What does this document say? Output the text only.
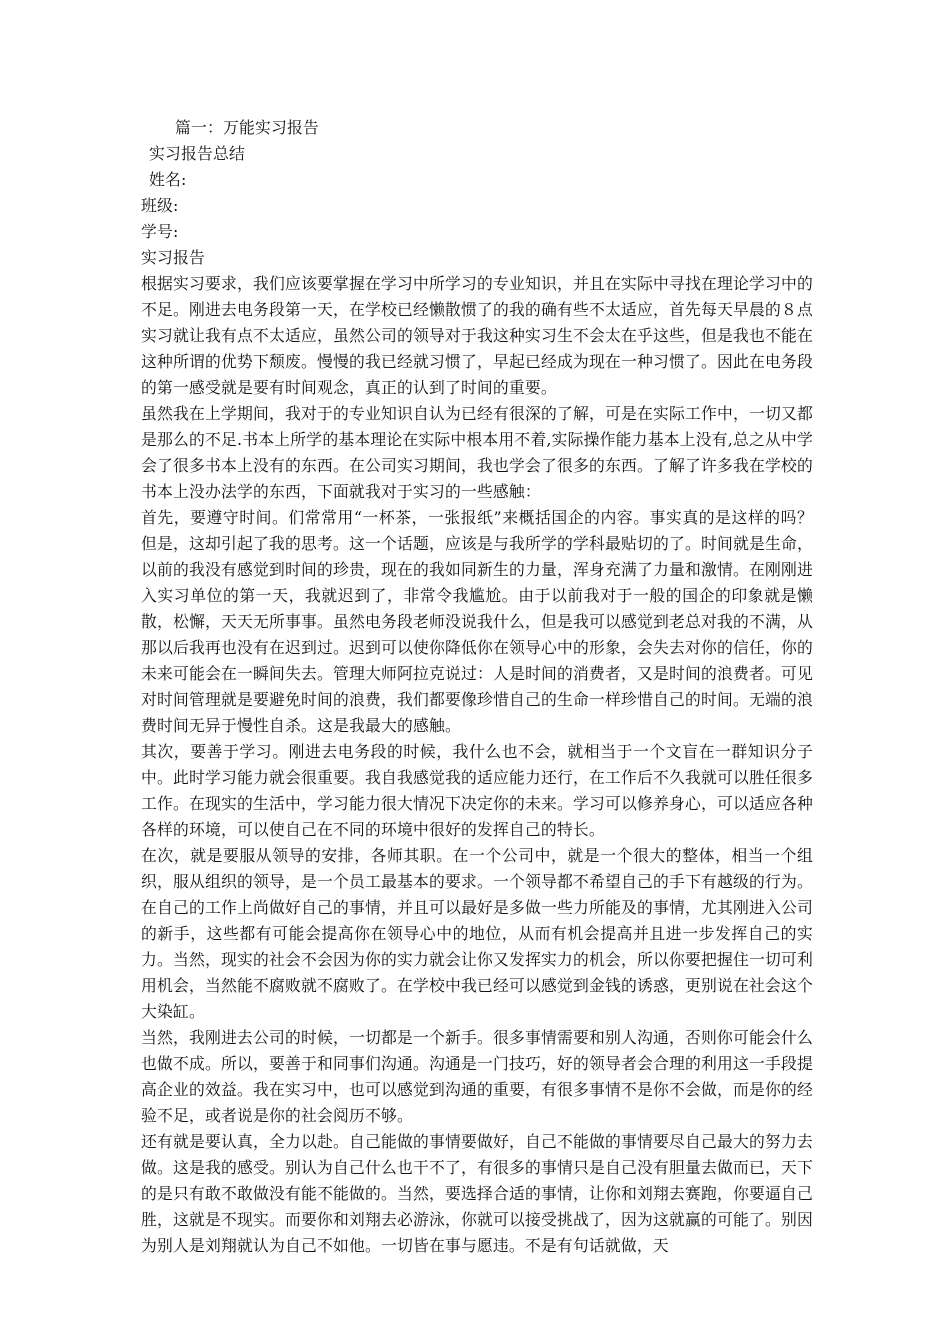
篇一：万能实习报告
实习报告总结
姓名:
班级:
学号:
实习报告

根据实习要求，我们应该要掌握在学习中所学习的专业知识，并且在实际中寻找在理论学习中的不足。刚进去电务段第一天，在学校已经懒散惯了的我的确有些不太适应，首先每天早晨的８点实习就让我有点不太适应，虽然公司的领导对于我这种实习生不会太在乎这些，但是我也不能在这种所谓的优势下颓废。慢慢的我已经就习惯了，早起已经成为现在一种习惯了。因此在电务段的第一感受就是要有时间观念，真正的认到了时间的重要。

虽然我在上学期间，我对于的专业知识自认为已经有很深的了解，可是在实际工作中，一切又都是那么的不足.书本上所学的基本理论在实际中根本用不着,实际操作能力基本上没有,总之从中学会了很多书本上没有的东西。在公司实习期间，我也学会了很多的东西。了解了许多我在学校的书本上没办法学的东西，下面就我对于实习的一些感触：

首先，要遵守时间。们常常用“一杯茶，一张报纸”来概括国企的内容。事实真的是这样的吗？但是，这却引起了我的思考。这一个话题，应该是与我所学的学科最贴切的了。时间就是生命，以前的我没有感觉到时间的珍贵，现在的我如同新生的力量，浑身充满了力量和激情。在刚刚进入实习单位的第一天，我就迟到了，非常令我尴尬。由于以前我对于一般的国企的印象就是懒散，松懈，天天无所事事。虽然电务段老师没说我什么，但是我可以感觉到老总对我的不满，从那以后我再也没有在迟到过。迟到可以使你降低你在领导心中的形象，会失去对你的信任，你的未来可能会在一瞬间失去。管理大师阿拉克说过：人是时间的消费者，又是时间的浪费者。可见对时间管理就是要避免时间的浪费，我们都要像珍惜自己的生命一样珍惜自己的时间。无端的浪费时间无异于慢性自杀。这是我最大的感触。

其次，要善于学习。刚进去电务段的时候，我什么也不会，就相当于一个文盲在一群知识分子中。此时学习能力就会很重要。我自我感觉我的适应能力还行，在工作后不久我就可以胜任很多工作。在现实的生活中，学习能力很大情况下决定你的未来。学习可以修养身心，可以适应各种各样的环境，可以使自己在不同的环境中很好的发挥自己的特长。

在次，就是要服从领导的安排，各师其职。在一个公司中，就是一个很大的整体，相当一个组织，服从组织的领导，是一个员工最基本的要求。一个领导都不希望自己的手下有越级的行为。在自己的工作上尚做好自己的事情，并且可以最好是多做一些力所能及的事情，尤其刚进入公司的新手，这些都有可能会提高你在领导心中的地位，从而有机会提高并且进一步发挥自己的实力。当然，现实的社会不会因为你的实力就会让你又发挥实力的机会，所以你要把握住一切可利用机会，当然能不腐败就不腐败了。在学校中我已经可以感觉到金钱的诱惑，更别说在社会这个大染缸。

当然，我刚进去公司的时候，一切都是一个新手。很多事情需要和别人沟通，否则你可能会什么也做不成。所以，要善于和同事们沟通。沟通是一门技巧，好的领导者会合理的利用这一手段提高企业的效益。我在实习中，也可以感觉到沟通的重要，有很多事情不是你不会做，而是你的经验不足，或者说是你的社会阅历不够。

还有就是要认真，全力以赴。自己能做的事情要做好，自己不能做的事情要尽自己最大的努力去做。这是我的感受。别认为自己什么也干不了，有很多的事情只是自己没有胆量去做而已，天下的是只有敢不敢做没有能不能做的。当然，要选择合适的事情，让你和刘翔去赛跑，你要逼自己胜，这就是不现实。而要你和刘翔去必游泳，你就可以接受挑战了，因为这就赢的可能了。别因为别人是刘翔就认为自己不如他。一切皆在事与愿违。不是有句话就做，天
